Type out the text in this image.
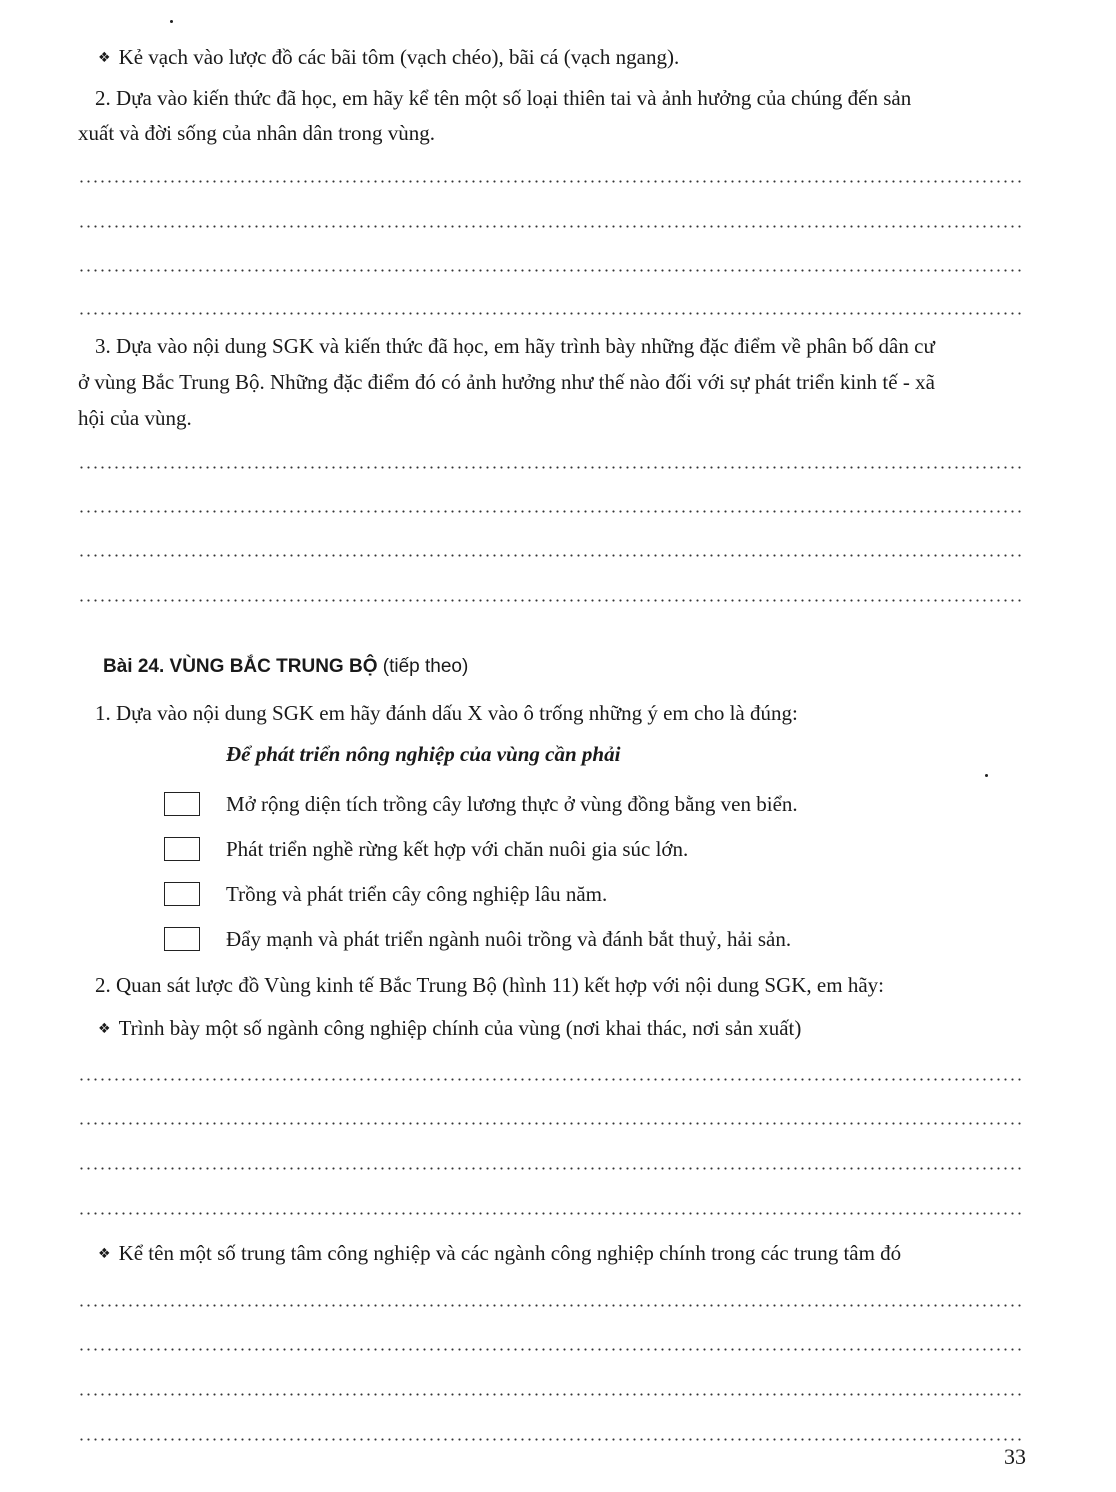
❖ Kẻ vạch vào lược đồ các bãi tôm (vạch chéo), bãi cá (vạch ngang).
2. Dựa vào kiến thức đã học, em hãy kể tên một số loại thiên tai và ảnh hưởng của chúng đến sản
xuất và đời sống của nhân dân trong vùng.
3. Dựa vào nội dung SGK và kiến thức đã học, em hãy trình bày những đặc điểm về phân bố dân cư
ở vùng Bắc Trung Bộ. Những đặc điểm đó có ảnh hưởng như thế nào đối với sự phát triển kinh tế - xã
hội của vùng.
Bài 24. VÙNG BẮC TRUNG BỘ (tiếp theo)
1. Dựa vào nội dung SGK em hãy đánh dấu X vào ô trống những ý em cho là đúng:
Để phát triển nông nghiệp của vùng cần phải
Mở rộng diện tích trồng cây lương thực ở vùng đồng bằng ven biển.
Phát triển nghề rừng kết hợp với chăn nuôi gia súc lớn.
Trồng và phát triển cây công nghiệp lâu năm.
Đẩy mạnh và phát triển ngành nuôi trồng và đánh bắt thuỷ, hải sản.
2. Quan sát lược đồ Vùng kinh tế Bắc Trung Bộ (hình 11) kết hợp với nội dung SGK, em hãy:
❖ Trình bày một số ngành công nghiệp chính của vùng (nơi khai thác, nơi sản xuất)
❖ Kể tên một số trung tâm công nghiệp và các ngành công nghiệp chính trong các trung tâm đó
33
